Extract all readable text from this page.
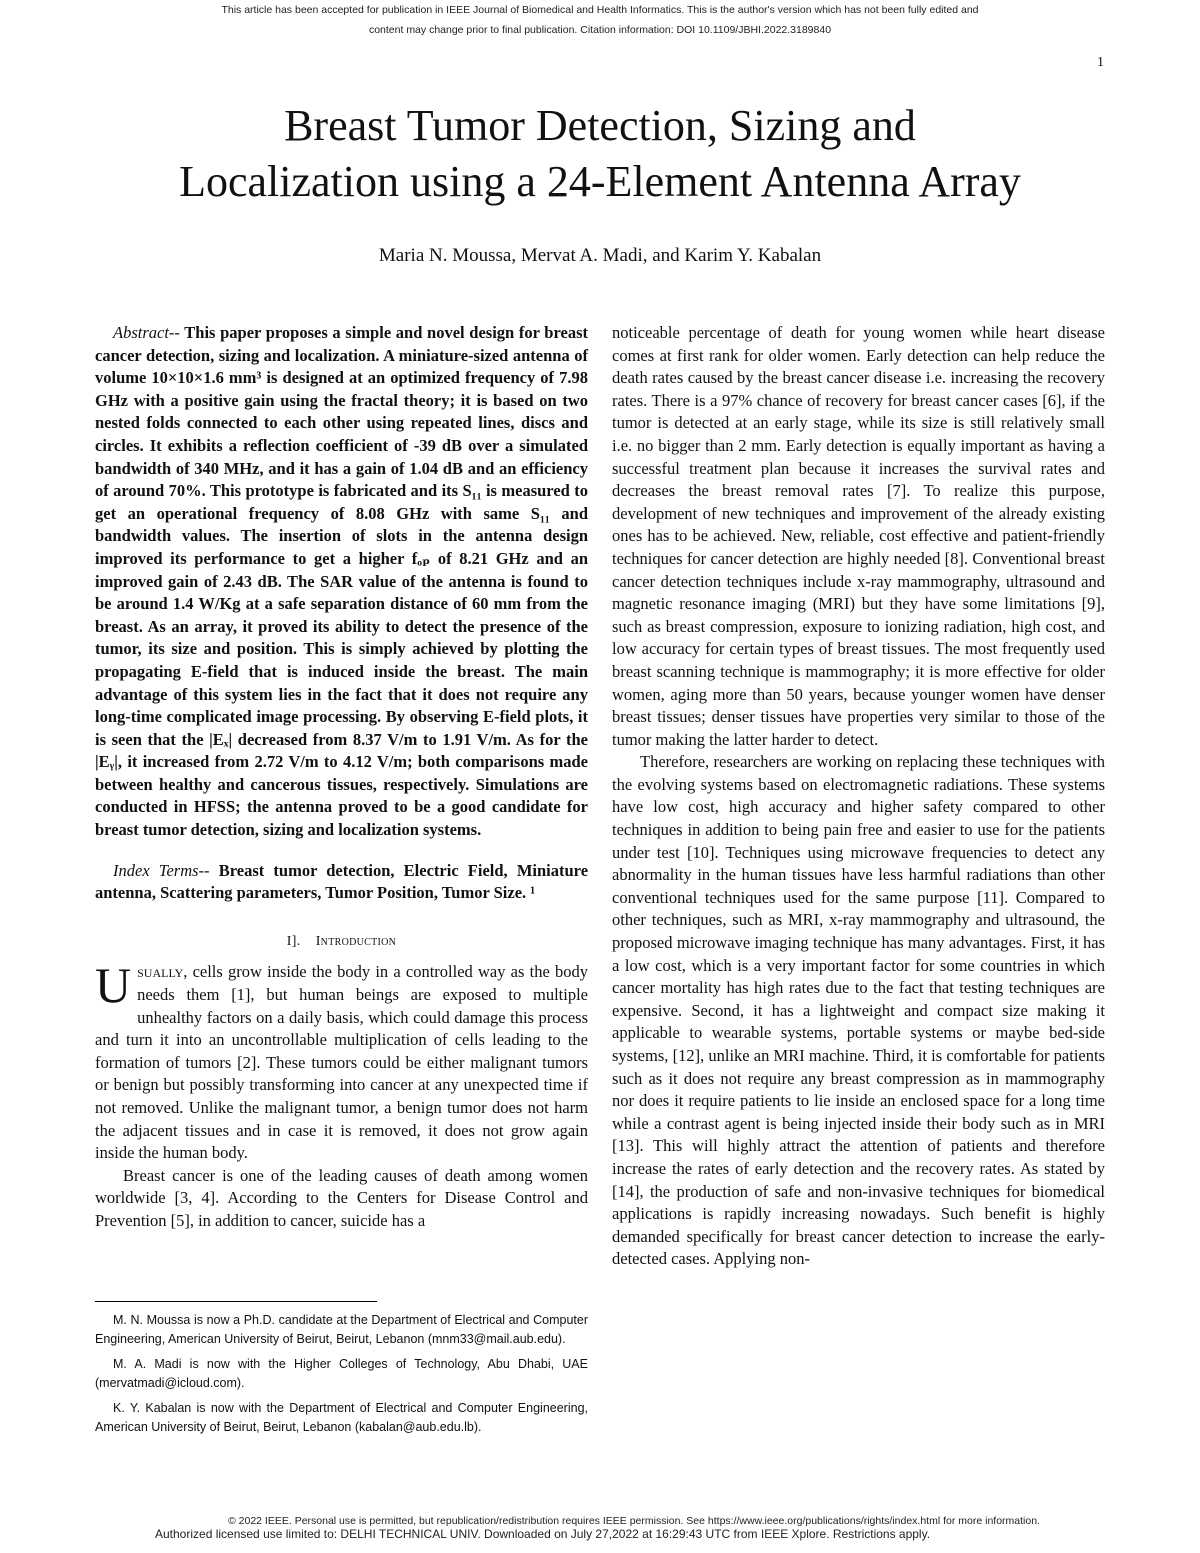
This article has been accepted for publication in IEEE Journal of Biomedical and Health Informatics. This is the author's version which has not been fully edited and
content may change prior to final publication. Citation information: DOI 10.1109/JBHI.2022.3189840
1
Breast Tumor Detection, Sizing and
Localization using a 24-Element Antenna Array
Maria N. Moussa, Mervat A. Madi, and Karim Y. Kabalan

Abstract-- This paper proposes a simple and novel design for breast cancer detection, sizing and localization. A miniature-sized antenna of volume 10×10×1.6 mm³ is designed at an optimized frequency of 7.98 GHz with a positive gain using the fractal theory; it is based on two nested folds connected to each other using repeated lines, discs and circles. It exhibits a reflection coefficient of -39 dB over a simulated bandwidth of 340 MHz, and it has a gain of 1.04 dB and an efficiency of around 70%. This prototype is fabricated and its S₁₁ is measured to get an operational frequency of 8.08 GHz with same S₁₁ and bandwidth values. The insertion of slots in the antenna design improved its performance to get a higher fₒₚ of 8.21 GHz and an improved gain of 2.43 dB. The SAR value of the antenna is found to be around 1.4 W/Kg at a safe separation distance of 60 mm from the breast. As an array, it proved its ability to detect the presence of the tumor, its size and position. This is simply achieved by plotting the propagating E-field that is induced inside the breast. The main advantage of this system lies in the fact that it does not require any long-time complicated image processing. By observing E-field plots, it is seen that the |Eₓ| decreased from 8.37 V/m to 1.91 V/m. As for the |Eᵧ|, it increased from 2.72 V/m to 4.12 V/m; both comparisons made between healthy and cancerous tissues, respectively. Simulations are conducted in HFSS; the antenna proved to be a good candidate for breast tumor detection, sizing and localization systems.

Index Terms-- Breast tumor detection, Electric Field, Miniature antenna, Scattering parameters, Tumor Position, Tumor Size. ¹

I]. Introduction

Usually, cells grow inside the body in a controlled way as the body needs them [1], but human beings are exposed to multiple unhealthy factors on a daily basis, which could damage this process and turn it into an uncontrollable multiplication of cells leading to the formation of tumors [2]. These tumors could be either malignant tumors or benign but possibly transforming into cancer at any unexpected time if not removed. Unlike the malignant tumor, a benign tumor does not harm the adjacent tissues and in case it is removed, it does not grow again inside the human body.

Breast cancer is one of the leading causes of death among women worldwide [3, 4]. According to the Centers for Disease Control and Prevention [5], in addition to cancer, suicide has a

M. N. Moussa is now a Ph.D. candidate at the Department of Electrical and Computer Engineering, American University of Beirut, Beirut, Lebanon (mnm33@mail.aub.edu).

M. A. Madi is now with the Higher Colleges of Technology, Abu Dhabi, UAE (mervatmadi@icloud.com).

K. Y. Kabalan is now with the Department of Electrical and Computer Engineering, American University of Beirut, Beirut, Lebanon (kabalan@aub.edu.lb).

noticeable percentage of death for young women while heart disease comes at first rank for older women. Early detection can help reduce the death rates caused by the breast cancer disease i.e. increasing the recovery rates. There is a 97% chance of recovery for breast cancer cases [6], if the tumor is detected at an early stage, while its size is still relatively small i.e. no bigger than 2 mm. Early detection is equally important as having a successful treatment plan because it increases the survival rates and decreases the breast removal rates [7]. To realize this purpose, development of new techniques and improvement of the already existing ones has to be achieved. New, reliable, cost effective and patient-friendly techniques for cancer detection are highly needed [8]. Conventional breast cancer detection techniques include x-ray mammography, ultrasound and magnetic resonance imaging (MRI) but they have some limitations [9], such as breast compression, exposure to ionizing radiation, high cost, and low accuracy for certain types of breast tissues. The most frequently used breast scanning technique is mammography; it is more effective for older women, aging more than 50 years, because younger women have denser breast tissues; denser tissues have properties very similar to those of the tumor making the latter harder to detect.

Therefore, researchers are working on replacing these techniques with the evolving systems based on electromagnetic radiations. These systems have low cost, high accuracy and higher safety compared to other techniques in addition to being pain free and easier to use for the patients under test [10]. Techniques using microwave frequencies to detect any abnormality in the human tissues have less harmful radiations than other conventional techniques used for the same purpose [11]. Compared to other techniques, such as MRI, x-ray mammography and ultrasound, the proposed microwave imaging technique has many advantages. First, it has a low cost, which is a very important factor for some countries in which cancer mortality has high rates due to the fact that testing techniques are expensive. Second, it has a lightweight and compact size making it applicable to wearable systems, portable systems or maybe bed-side systems, [12], unlike an MRI machine. Third, it is comfortable for patients such as it does not require any breast compression as in mammography nor does it require patients to lie inside an enclosed space for a long time while a contrast agent is being injected inside their body such as in MRI [13]. This will highly attract the attention of patients and therefore increase the rates of early detection and the recovery rates. As stated by [14], the production of safe and non-invasive techniques for biomedical applications is rapidly increasing nowadays. Such benefit is highly demanded specifically for breast cancer detection to increase the early-detected cases. Applying non-

© 2022 IEEE. Personal use is permitted, but republication/redistribution requires IEEE permission. See https://www.ieee.org/publications/rights/index.html for more information.
Authorized licensed use limited to: DELHI TECHNICAL UNIV. Downloaded on July 27,2022 at 16:29:43 UTC from IEEE Xplore. Restrictions apply.
